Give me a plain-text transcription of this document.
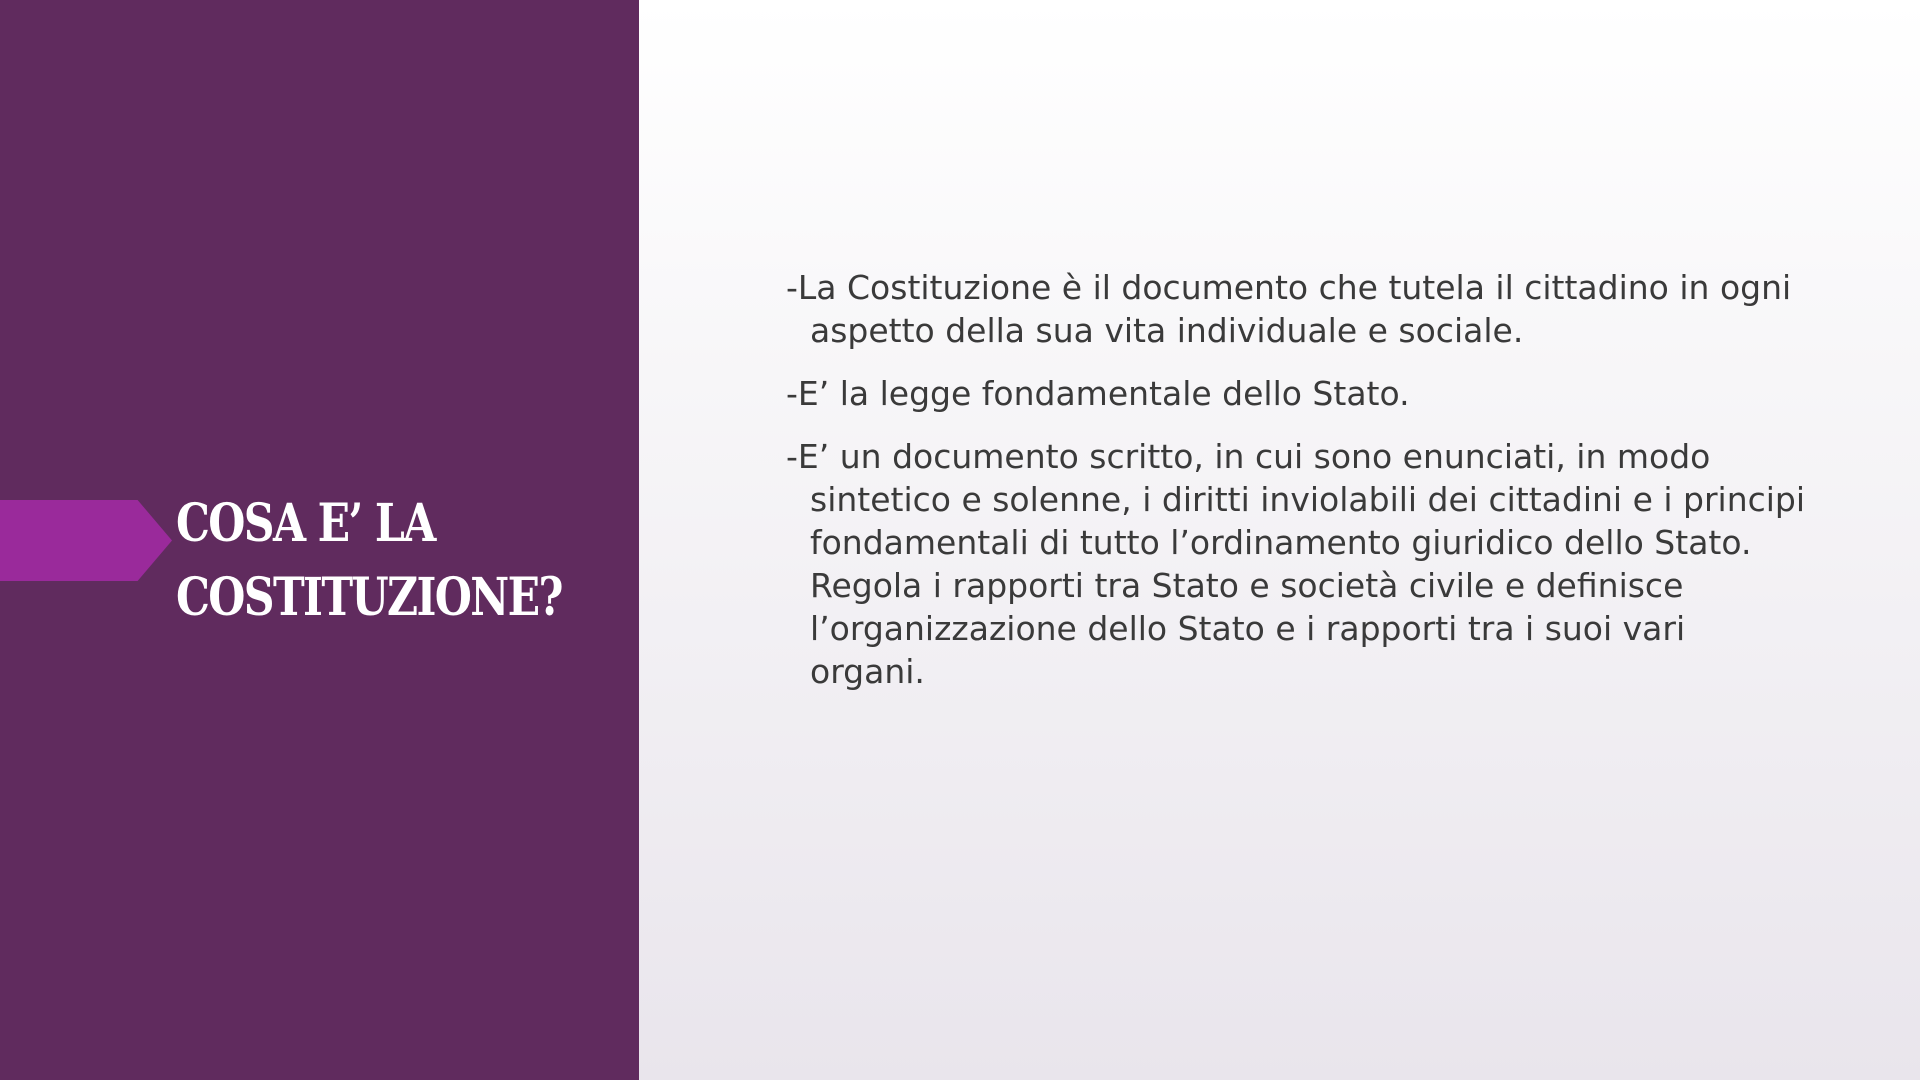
COSA E’ LA COSTITUZIONE?
- La Costituzione è il documento che tutela il cittadino in ogni aspetto della sua vita individuale e sociale.
- E’ la legge fondamentale dello Stato.
- E’ un documento scritto, in cui sono enunciati, in modo sintetico e solenne, i diritti inviolabili dei cittadini e i principi fondamentali di tutto l’ordinamento giuridico dello Stato. Regola i rapporti tra Stato e società civile e definisce l’organizzazione dello Stato e i rapporti tra i suoi vari organi.
